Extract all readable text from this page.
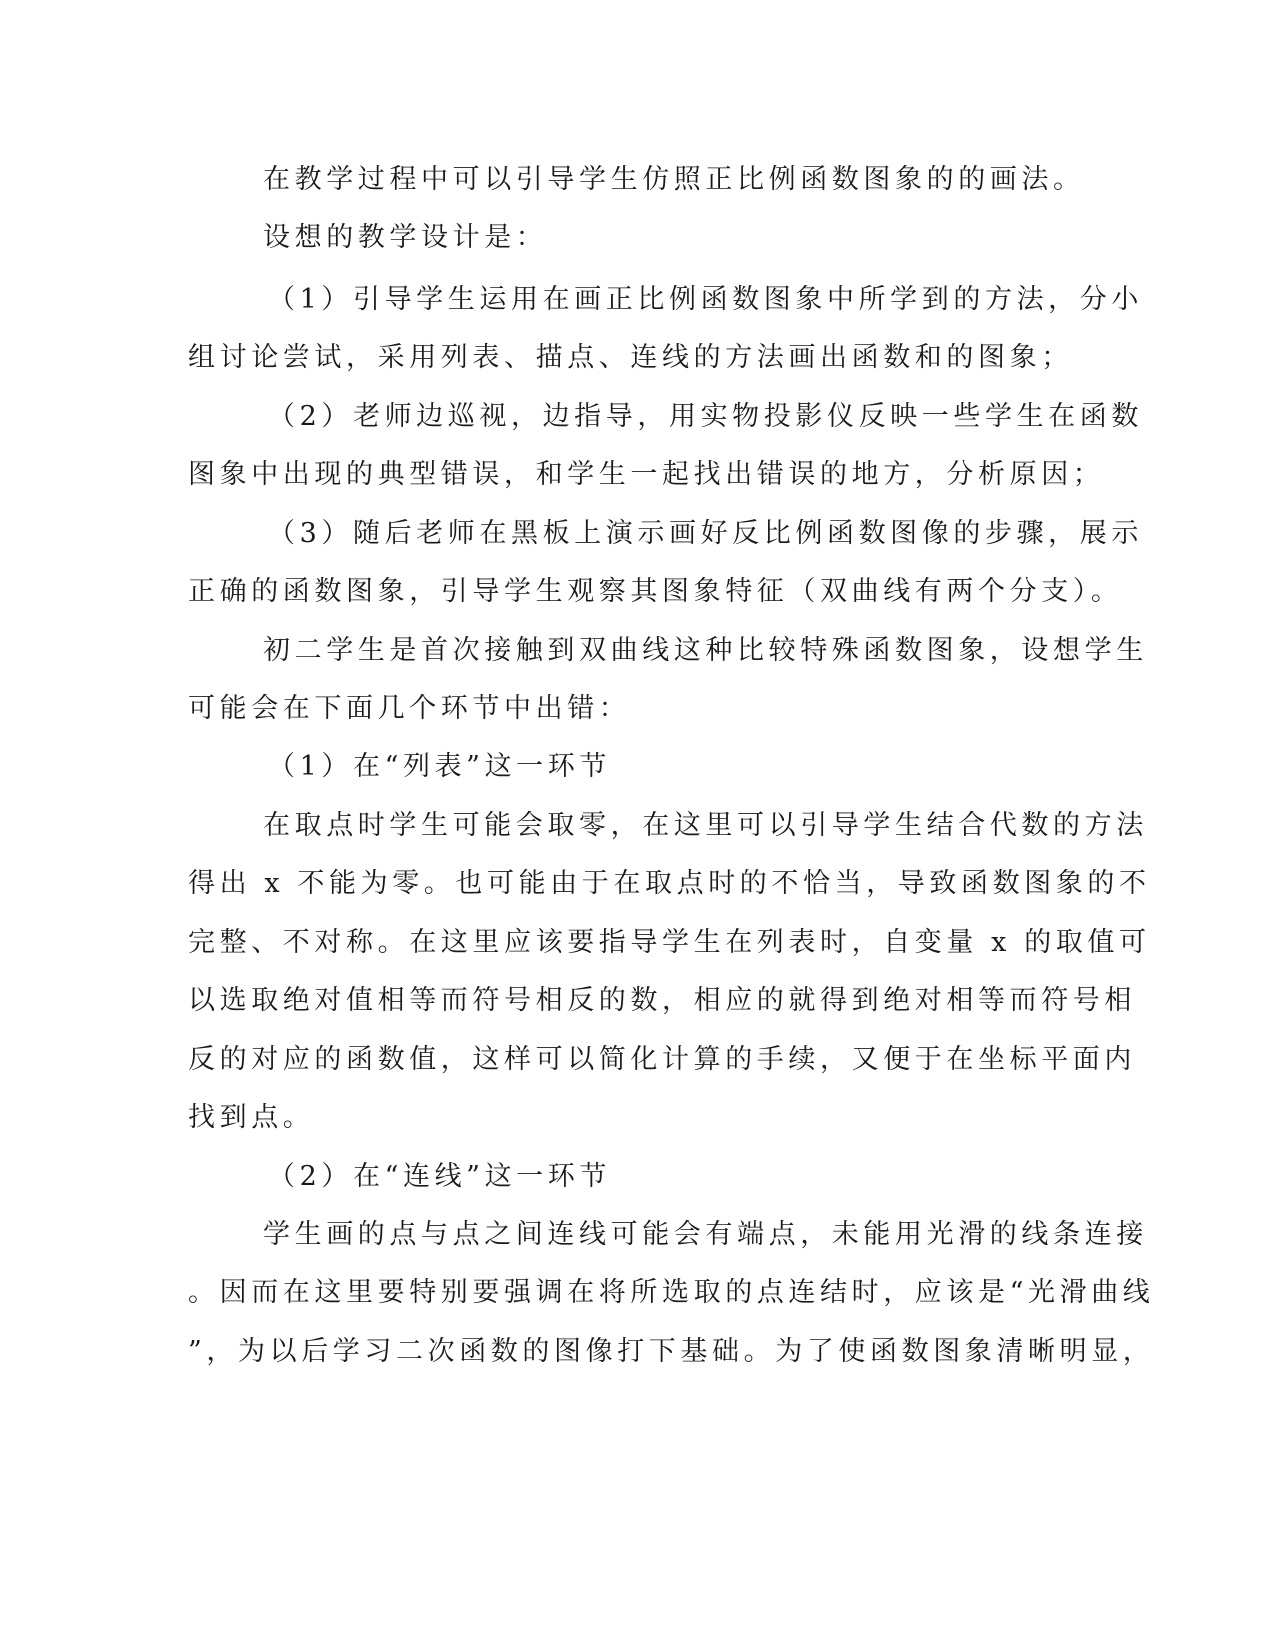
在教学过程中可以引导学生仿照正比例函数图象的的画法。
设想的教学设计是：
（1）引导学生运用在画正比例函数图象中所学到的方法，分小
组讨论尝试，采用列表、描点、连线的方法画出函数和的图象；
（2）老师边巡视，边指导，用实物投影仪反映一些学生在函数
图象中出现的典型错误，和学生一起找出错误的地方，分析原因；
（3）随后老师在黑板上演示画好反比例函数图像的步骤，展示
正确的函数图象，引导学生观察其图象特征（双曲线有两个分支）。
初二学生是首次接触到双曲线这种比较特殊函数图象，设想学生
可能会在下面几个环节中出错：
（1）在“列表”这一环节
在取点时学生可能会取零，在这里可以引导学生结合代数的方法
得出 x 不能为零。也可能由于在取点时的不恰当，导致函数图象的不
完整、不对称。在这里应该要指导学生在列表时，自变量 x 的取值可
以选取绝对值相等而符号相反的数，相应的就得到绝对相等而符号相
反的对应的函数值，这样可以简化计算的手续，又便于在坐标平面内
找到点。
（2）在“连线”这一环节
学生画的点与点之间连线可能会有端点，未能用光滑的线条连接
。因而在这里要特别要强调在将所选取的点连结时，应该是“光滑曲线
”，为以后学习二次函数的图像打下基础。为了使函数图象清晰明显，
